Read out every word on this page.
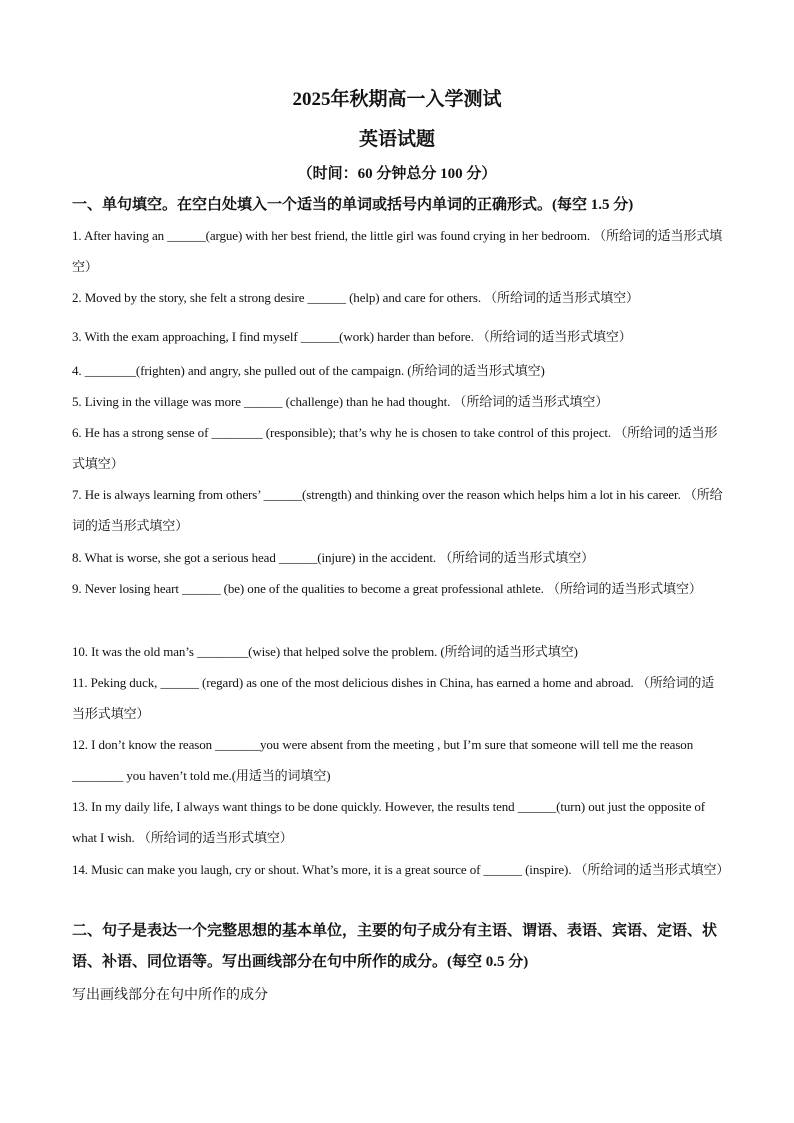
2025年秋期高一入学测试
英语试题
（时间：60 分钟总分 100 分）
一、单句填空。在空白处填入一个适当的单词或括号内单词的正确形式。(每空 1.5 分)
1. After having an ______(argue) with her best friend, the little girl was found crying in her bedroom. （所给词的适当形式填空）
2. Moved by the story, she felt a strong desire ______ (help) and care for others. （所给词的适当形式填空）
3. With the exam approaching, I find myself ______(work) harder than before. （所给词的适当形式填空）
4. ________(frighten) and angry, she pulled out of the campaign. (所给词的适当形式填空)
5. Living in the village was more ______ (challenge) than he had thought. （所给词的适当形式填空）
6. He has a strong sense of ________ (responsible); that’s why he is chosen to take control of this project. （所给词的适当形式填空）
7. He is always learning from others’ ______(strength) and thinking over the reason which helps him a lot in his career. （所给词的适当形式填空）
8. What is worse, she got a serious head ______(injure) in the accident. （所给词的适当形式填空）
9. Never losing heart ______ (be) one of the qualities to become a great professional athlete. （所给词的适当形式填空）
10. It was the old man’s ________(wise) that helped solve the problem. (所给词的适当形式填空)
11. Peking duck, ______ (regard) as one of the most delicious dishes in China, has earned a home and abroad. （所给词的适当形式填空）
12. I don’t know the reason _______you were absent from the meeting , but I’m sure that someone will tell me the reason ________ you haven’t told me.(用适当的词填空)
13. In my daily life, I always want things to be done quickly. However, the results tend ______(turn) out just the opposite of what I wish. （所给词的适当形式填空）
14. Music can make you laugh, cry or shout. What’s more, it is a great source of ______ (inspire). （所给词的适当形式填空）
二、句子是表达一个完整思想的基本单位，主要的句子成分有主语、谓语、表语、宾语、定语、状语、补语、同位语等。写出画线部分在句中所作的成分。(每空 0.5 分)
写出画线部分在句中所作的成分
